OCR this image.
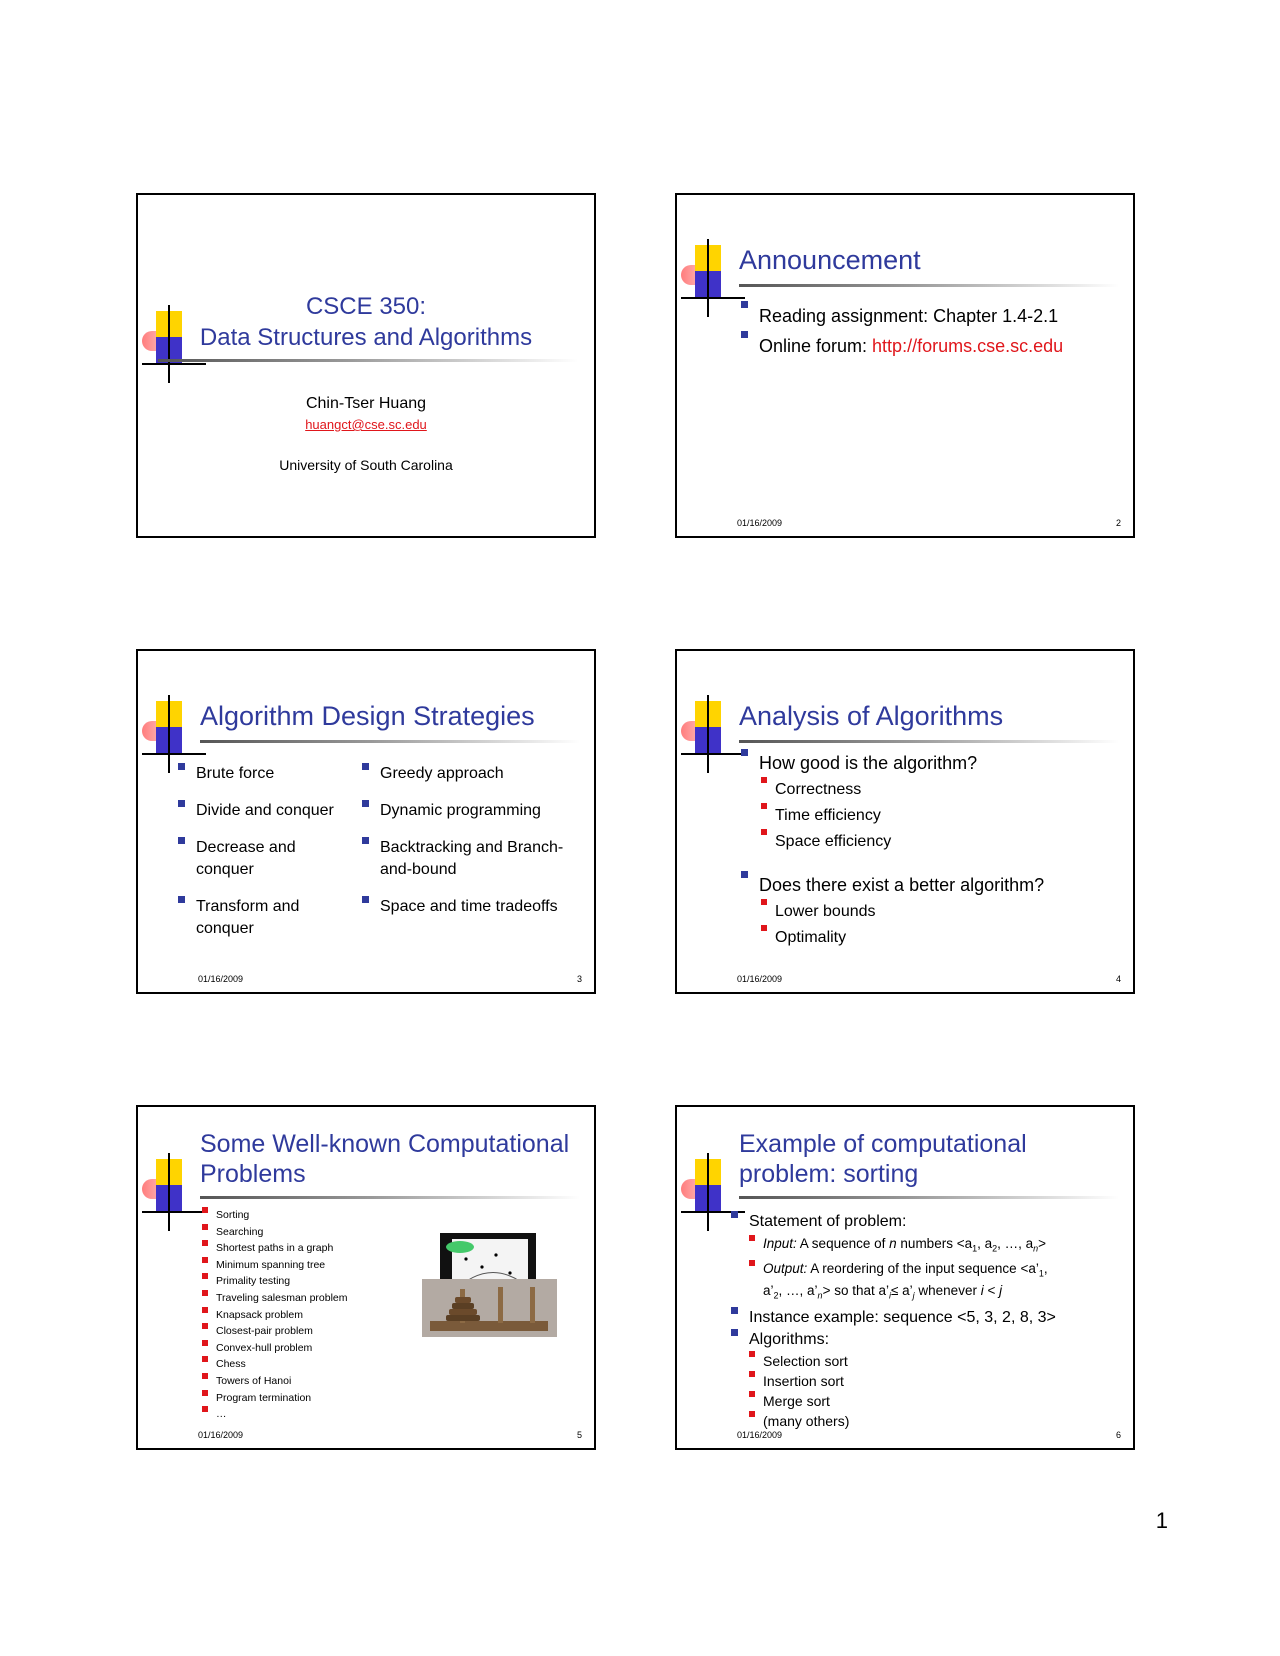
CSCE 350:
Data Structures and Algorithms
Chin-Tser Huang
huangct@cse.sc.edu
University of South Carolina
Announcement
Reading assignment: Chapter 1.4-2.1
Online forum: http://forums.cse.sc.edu
01/16/2009	2
Algorithm Design Strategies
Brute force
Divide and conquer
Decrease and conquer
Transform and conquer
Greedy approach
Dynamic programming
Backtracking and Branch-and-bound
Space and time tradeoffs
01/16/2009	3
Analysis of Algorithms
How good is the algorithm?
Correctness
Time efficiency
Space efficiency
Does there exist a better algorithm?
Lower bounds
Optimality
01/16/2009	4
Some Well-known Computational
Problems
Sorting
Searching
Shortest paths in a graph
Minimum spanning tree
Primality testing
Traveling salesman problem
Knapsack problem
Closest-pair problem
Convex-hull problem
Chess
Towers of Hanoi
Program termination
…
01/16/2009	5
Example of computational
problem: sorting
Statement of problem:
Input: A sequence of n numbers $<a_1$, $a_2$, …, $a_n>$
Output: A reordering of the input sequence $<a’_1$,
$a’_2$, …, $a’_n>$ so that $a’_i\le$ $a’_j$ whenever i < j
Instance example: sequence <5, 3, 2, 8, 3>
Algorithms:
Selection sort
Insertion sort
Merge sort
(many others)
01/16/2009	6
1
